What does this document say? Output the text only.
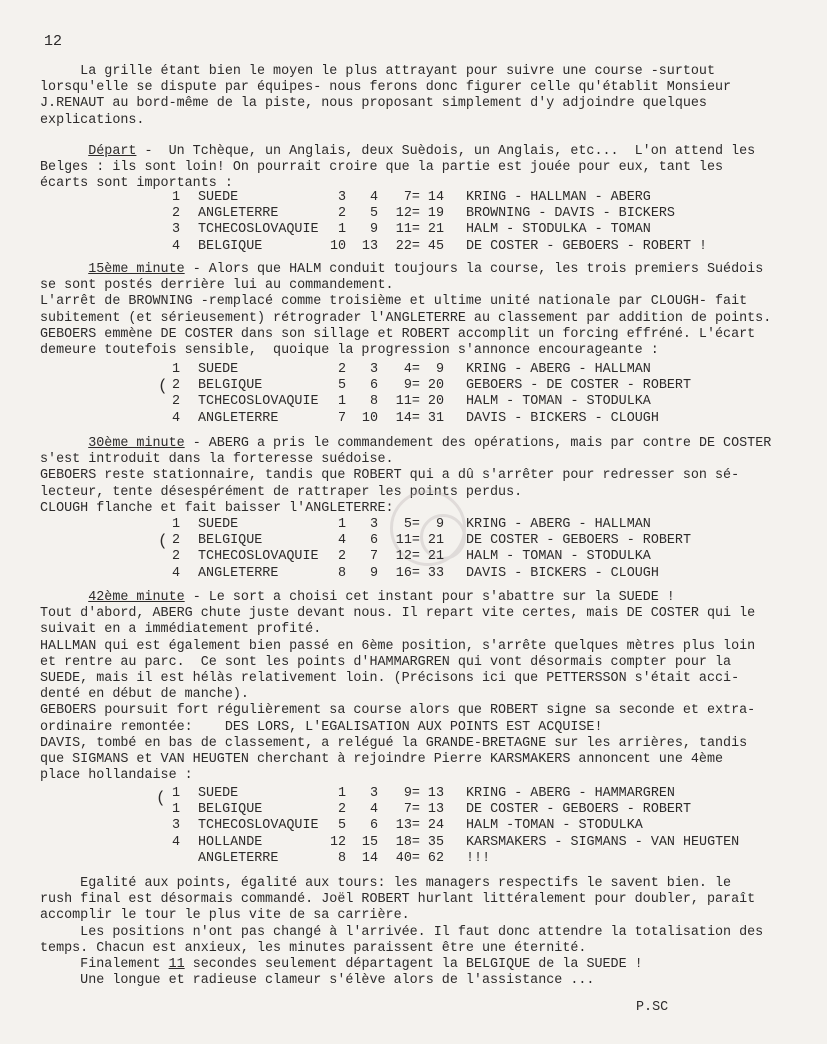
12
La grille étant bien le moyen le plus attrayant pour suivre une course -surtout
lorsqu'elle se dispute par équipes- nous ferons donc figurer celle qu'établit Monsieur
J.RENAUT au bord-même de la piste, nous proposant simplement d'y adjoindre quelques
explications.
Départ -  Un Tchèque, un Anglais, deux Suèdois, un Anglais, etc...  L'on attend les
Belges : ils sont loin! On pourrait croire que la partie est jouée pour eux, tant les
écarts sont importants :
1	SUEDE	3	4	7= 14 KRING - HALLMAN - ABERG
2	ANGLETERRE	2	5	12= 19 BROWNING - DAVIS - BICKERS
3	TCHECOSLOVAQUIE	1	9	11= 21 HALM - STODULKA - TOMAN
4	BELGIQUE	10	13	22= 45 DE COSTER - GEBOERS - ROBERT !
15ème minute - Alors que HALM conduit toujours la course, les trois premiers Suédois
se sont postés derrière lui au commandement.
L'arrêt de BROWNING -remplacé comme troisième et ultime unité nationale par CLOUGH- fait
subitement (et sérieusement) rétrograder l'ANGLETERRE au classement par addition de points.
GEBOERS emmène DE COSTER dans son sillage et ROBERT accomplit un forcing effréné. L'écart
demeure toutefois sensible,  quoique la progression s'annonce encourageante :
1	SUEDE	2	3	4=  9 KRING - ABERG - HALLMAN
2	BELGIQUE	5	6	9= 20 GEBOERS - DE COSTER - ROBERT
2	TCHECOSLOVAQUIE	1	8	11= 20 HALM - TOMAN - STODULKA
4	ANGLETERRE	7	10	14= 31 DAVIS - BICKERS - CLOUGH
(
30ème minute - ABERG a pris le commandement des opérations, mais par contre DE COSTER
s'est introduit dans la forteresse suédoise.
GEBOERS reste stationnaire, tandis que ROBERT qui a dû s'arrêter pour redresser son sé-
lecteur, tente désespérément de rattraper les points perdus.
CLOUGH flanche et fait baisser l'ANGLETERRE:
1	SUEDE	1	3	5=  9 KRING - ABERG - HALLMAN
2	BELGIQUE	4	6	11= 21 DE COSTER - GEBOERS - ROBERT
2	TCHECOSLOVAQUIE	2	7	12= 21 HALM - TOMAN - STODULKA
4	ANGLETERRE	8	9	16= 33 DAVIS - BICKERS - CLOUGH
(
42ème minute - Le sort a choisi cet instant pour s'abattre sur la SUEDE !
Tout d'abord, ABERG chute juste devant nous. Il repart vite certes, mais DE COSTER qui le
suivait en a immédiatement profité.
HALLMAN qui est également bien passé en 6ème position, s'arrête quelques mètres plus loin
et rentre au parc.  Ce sont les points d'HAMMARGREN qui vont désormais compter pour la
SUEDE, mais il est hélàs relativement loin. (Précisons ici que PETTERSSON s'était acci-
denté en début de manche).
GEBOERS poursuit fort régulièrement sa course alors que ROBERT signe sa seconde et extra-
ordinaire remontée:    DES LORS, L'EGALISATION AUX POINTS EST ACQUISE!
DAVIS, tombé en bas de classement, a relégué la GRANDE-BRETAGNE sur les arrières, tandis
que SIGMANS et VAN HEUGTEN cherchant à rejoindre Pierre KARSMAKERS annoncent une 4ème
place hollandaise :
1	SUEDE	1	3	9= 13 KRING - ABERG - HAMMARGREN
1	BELGIQUE	2	4	7= 13 DE COSTER - GEBOERS - ROBERT
3	TCHECOSLOVAQUIE	5	6	13= 24 HALM -TOMAN - STODULKA
4	HOLLANDE	12	15	18= 35 KARSMAKERS - SIGMANS - VAN HEUGTEN
ANGLETERRE	8	14	40= 62 !!!
(
Egalité aux points, égalité aux tours: les managers respectifs le savent bien. le
rush final est désormais commandé. Joël ROBERT hurlant littéralement pour doubler, paraît
accomplir le tour le plus vite de sa carrière.
Les positions n'ont pas changé à l'arrivée. Il faut donc attendre la totalisation des
temps. Chacun est anxieux, les minutes paraissent être une éternité.
Finalement 11 secondes seulement départagent la BELGIQUE de la SUEDE !
Une longue et radieuse clameur s'élève alors de l'assistance ...
P.SC
